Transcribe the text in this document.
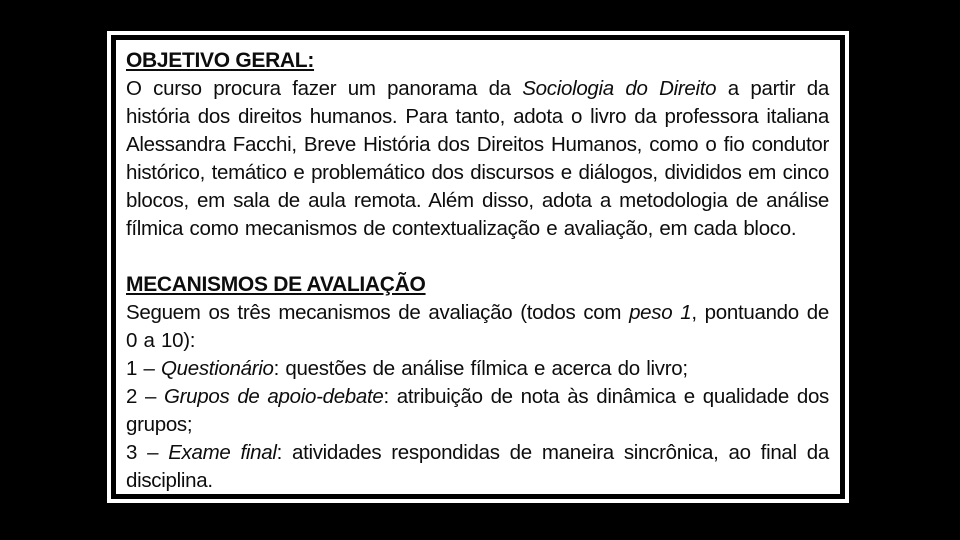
OBJETIVO GERAL:

O curso procura fazer um panorama da Sociologia do Direito a partir da história dos direitos humanos. Para tanto, adota o livro da professora italiana Alessandra Facchi, Breve História dos Direitos Humanos, como o fio condutor histórico, temático e problemático dos discursos e diálogos, divididos em cinco blocos, em sala de aula remota. Além disso, adota a metodologia de análise fílmica como mecanismos de contextualização e avaliação, em cada bloco.

MECANISMOS DE AVALIAÇÃO

Seguem os três mecanismos de avaliação (todos com peso 1, pontuando de 0 a 10):

1 – Questionário: questões de análise fílmica e acerca do livro;

2 – Grupos de apoio-debate: atribuição de nota às dinâmica e qualidade dos grupos;

3 – Exame final: atividades respondidas de maneira sincrônica, ao final da disciplina.
